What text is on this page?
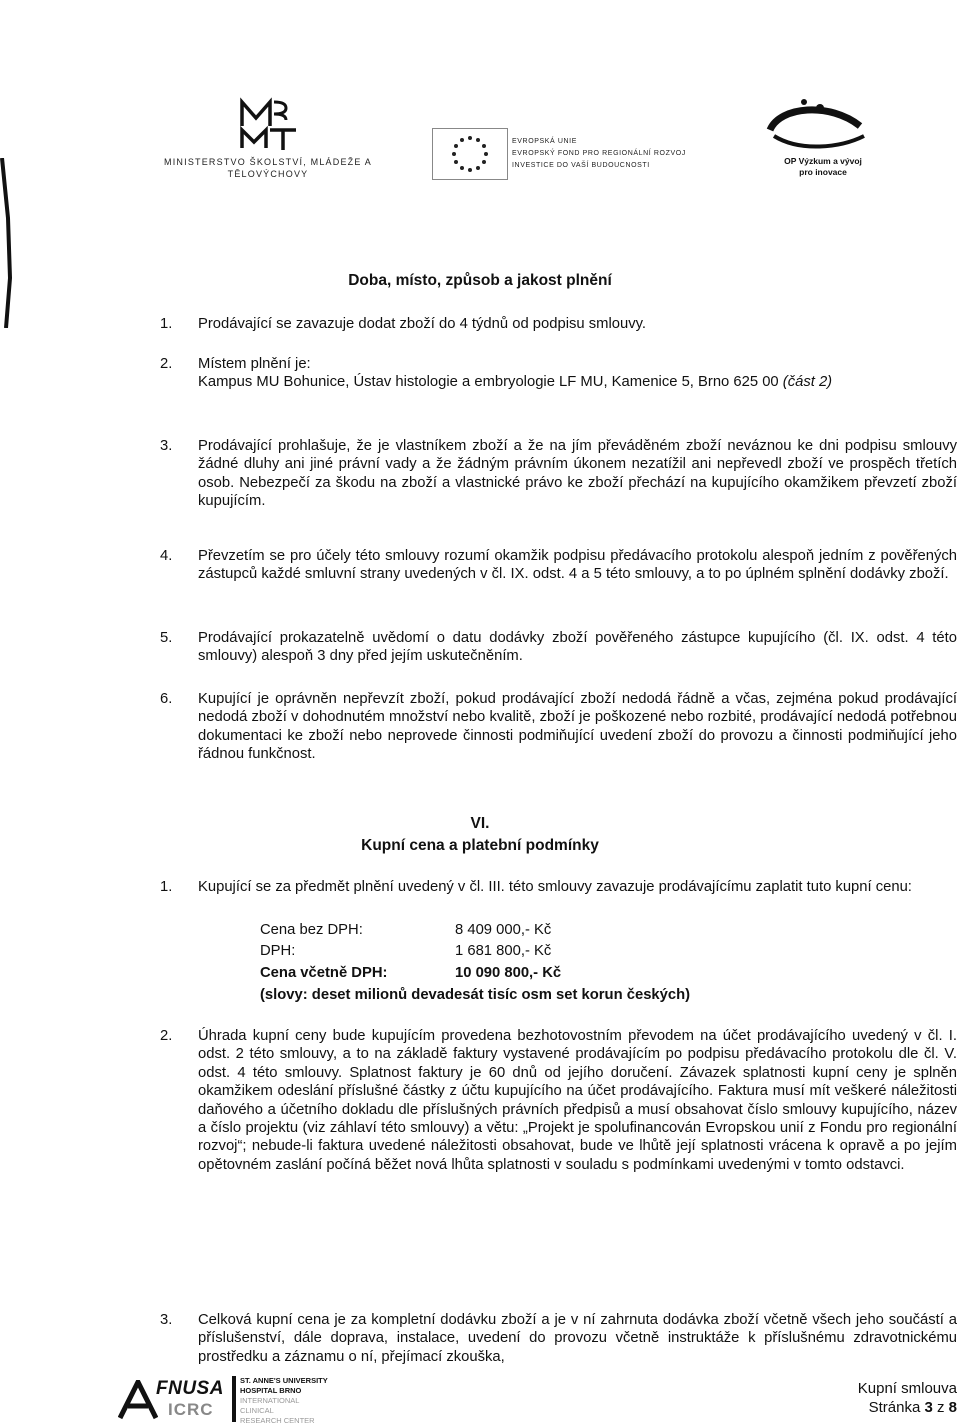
MINISTERSTVO ŠKOLSTVÍ, MLÁDEŽE A TĚLOVÝCHOVY
EVROPSKÁ UNIE
EVROPSKÝ FOND PRO REGIONÁLNÍ ROZVOJ
INVESTICE DO VAŠÍ BUDOUCNOSTI	OP Výzkum a vývoj
pro inovace
Doba, místo, způsob a jakost plnění
1.	Prodávající se zavazuje dodat zboží do 4 týdnů od podpisu smlouvy.
2.	Místem plnění je:
Kampus MU Bohunice, Ústav histologie a embryologie LF MU, Kamenice 5, Brno 625 00 (část 2)
3.	Prodávající prohlašuje, že je vlastníkem zboží a že na jím převáděném zboží neváznou ke dni podpisu smlouvy žádné dluhy ani jiné právní vady a že žádným právním úkonem nezatížil ani nepřevedl zboží ve prospěch třetích osob. Nebezpečí za škodu na zboží a vlastnické právo ke zboží přechází na kupujícího okamžikem převzetí zboží kupujícím.
4.	Převzetím se pro účely této smlouvy rozumí okamžik podpisu předávacího protokolu alespoň jedním z pověřených zástupců každé smluvní strany uvedených v čl. IX. odst. 4 a 5 této smlouvy, a to po úplném splnění dodávky zboží.
5.	Prodávající prokazatelně uvědomí o datu dodávky zboží pověřeného zástupce kupujícího (čl. IX. odst. 4 této smlouvy) alespoň 3 dny před jejím uskutečněním.
6.	Kupující je oprávněn nepřevzít zboží, pokud prodávající zboží nedodá řádně a včas, zejména pokud prodávající nedodá zboží v dohodnutém množství nebo kvalitě, zboží je poškozené nebo rozbité, prodávající nedodá potřebnou dokumentaci ke zboží nebo neprovede činnosti podmiňující uvedení zboží do provozu a činnosti podmiňující jeho řádnou funkčnost.
VI.
Kupní cena a platební podmínky
1.	Kupující se za předmět plnění uvedený v čl. III. této smlouvy zavazuje prodávajícímu zaplatit tuto kupní cenu:
Cena bez DPH:	8 409 000,- Kč
DPH:	1 681 800,- Kč
Cena včetně DPH:	10 090 800,- Kč
(slovy: deset milionů devadesát tisíc osm set korun českých)
2.	Úhrada kupní ceny bude kupujícím provedena bezhotovostním převodem na účet prodávajícího uvedený v čl. I. odst. 2 této smlouvy, a to na základě faktury vystavené prodávajícím po podpisu předávacího protokolu dle čl. V. odst. 4 této smlouvy. Splatnost faktury je 60 dnů od jejího doručení. Závazek splatnosti kupní ceny je splněn okamžikem odeslání příslušné částky z účtu kupujícího na účet prodávajícího. Faktura musí mít veškeré náležitosti daňového a účetního dokladu dle příslušných právních předpisů a musí obsahovat číslo smlouvy kupujícího, název a číslo projektu (viz záhlaví této smlouvy) a větu: „Projekt je spolufinancován Evropskou unií z Fondu pro regionální rozvoj“; nebude-li faktura uvedené náležitosti obsahovat, bude ve lhůtě její splatnosti vrácena k opravě a po jejím opětovném zaslání počíná běžet nová lhůta splatnosti v souladu s podmínkami uvedenými v tomto odstavci.
3.	Celková kupní cena je za kompletní dodávku zboží a je v ní zahrnuta dodávka zboží včetně všech jeho součástí a příslušenství, dále doprava, instalace, uvedení do provozu včetně instruktáže k příslušnému zdravotnickému prostředku a záznamu o ní, přejímací zkouška,
FNUSA
ICRC
ST. ANNE'S UNIVERSITY
HOSPITAL BRNO
INTERNATIONAL CLINICAL
RESEARCH CENTER
Kupní smlouva
Stránka 3 z 8
